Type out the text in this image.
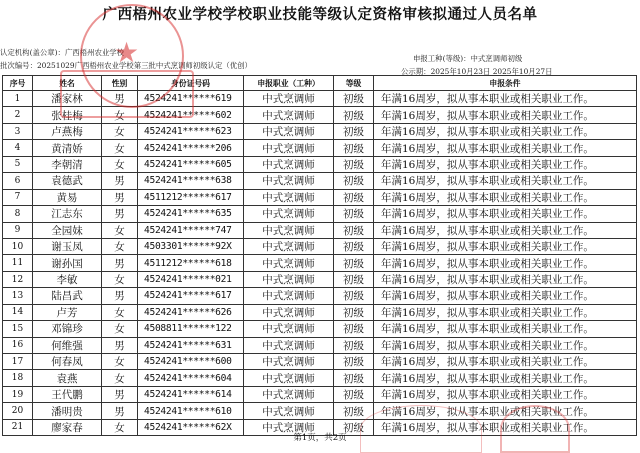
广西梧州农业学校学校职业技能等级认定资格审核拟通过人员名单
认定机构(盖公章)：广西梧州农业学校
批次编号：20251029广西梧州农业学校第三批中式烹调师初级认定（优创）
申报工种(等级)：中式烹调师初级
公示期：2025年10月23日 2025年10月27日
序号	姓名	性别	身份证号码	申报职业（工种）	等级	申报条件
1	潘家林	男	4524241******619	中式烹调师	初级	年满16周岁，拟从事本职业或相关职业工作。
2	张桂梅	女	4524241******602	中式烹调师	初级	年满16周岁，拟从事本职业或相关职业工作。
3	卢燕梅	女	4524241******623	中式烹调师	初级	年满16周岁，拟从事本职业或相关职业工作。
4	黄清娇	女	4524241******206	中式烹调师	初级	年满16周岁，拟从事本职业或相关职业工作。
5	李朝清	女	4524241******605	中式烹调师	初级	年满16周岁，拟从事本职业或相关职业工作。
6	袁德武	男	4524241******638	中式烹调师	初级	年满16周岁，拟从事本职业或相关职业工作。
7	黄易	男	4511212******617	中式烹调师	初级	年满16周岁，拟从事本职业或相关职业工作。
8	江志东	男	4524241******635	中式烹调师	初级	年满16周岁，拟从事本职业或相关职业工作。
9	全园妹	女	4524241******747	中式烹调师	初级	年满16周岁，拟从事本职业或相关职业工作。
10	谢玉凤	女	4503301******92X	中式烹调师	初级	年满16周岁，拟从事本职业或相关职业工作。
11	谢孙国	男	4511212******618	中式烹调师	初级	年满16周岁，拟从事本职业或相关职业工作。
12	李敏	女	4524241******021	中式烹调师	初级	年满16周岁，拟从事本职业或相关职业工作。
13	陆昌武	男	4524241******617	中式烹调师	初级	年满16周岁，拟从事本职业或相关职业工作。
14	卢芳	女	4524241******626	中式烹调师	初级	年满16周岁，拟从事本职业或相关职业工作。
15	邓锦珍	女	4508811******122	中式烹调师	初级	年满16周岁，拟从事本职业或相关职业工作。
16	何维强	男	4524241******631	中式烹调师	初级	年满16周岁，拟从事本职业或相关职业工作。
17	何春凤	女	4524241******600	中式烹调师	初级	年满16周岁，拟从事本职业或相关职业工作。
18	袁燕	女	4524241******604	中式烹调师	初级	年满16周岁，拟从事本职业或相关职业工作。
19	王代鹏	男	4524241******614	中式烹调师	初级	年满16周岁，拟从事本职业或相关职业工作。
20	潘明贵	男	4524241******610	中式烹调师	初级	年满16周岁，拟从事本职业或相关职业工作。
21	廖家春	女	4524241******62X	中式烹调师	初级	年满16周岁，拟从事本职业或相关职业工作。
第1页，共2页
★
